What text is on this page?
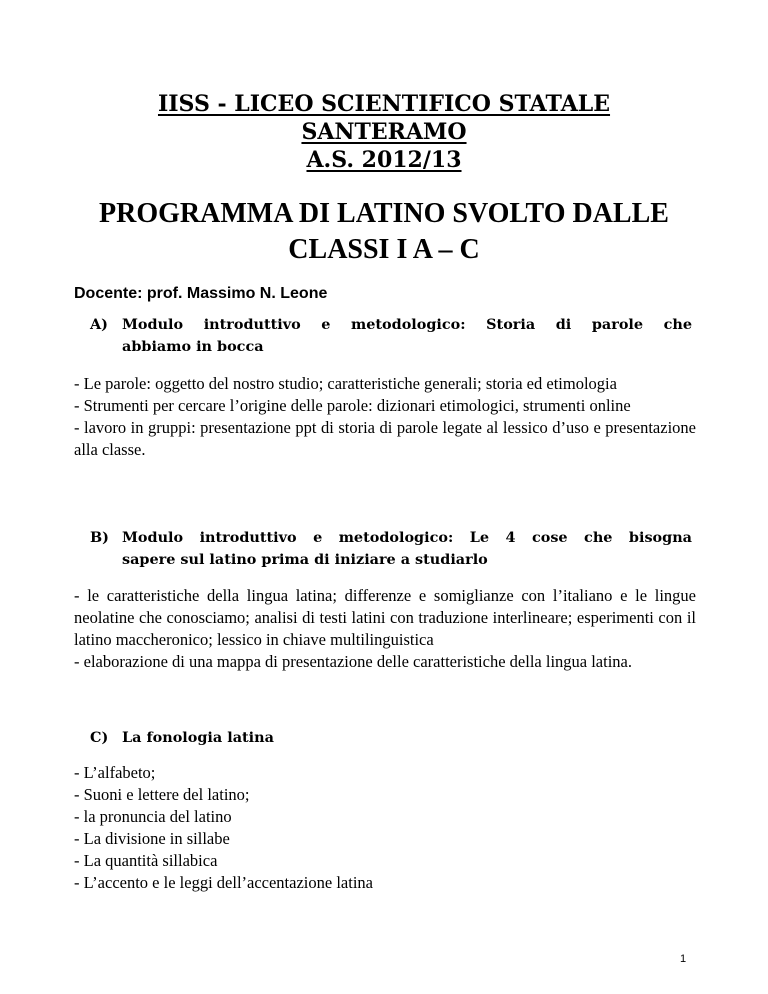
IISS - LICEO SCIENTIFICO STATALE
SANTERAMO
A.S. 2012/13
PROGRAMMA DI LATINO SVOLTO DALLE
CLASSI I A – C
Docente: prof. Massimo N. Leone
A) Modulo introduttivo e metodologico: Storia di parole che
abbiamo in bocca

- Le parole: oggetto del nostro studio; caratteristiche generali; storia ed etimologia

- Strumenti per cercare l’origine delle parole: dizionari etimologici, strumenti online

- lavoro in gruppi: presentazione ppt di storia di parole legate al lessico d’uso e presentazione alla classe.

B) Modulo introduttivo e metodologico: Le 4 cose che bisogna
sapere sul latino prima di iniziare a studiarlo

- le caratteristiche della lingua latina; differenze e somiglianze con l’italiano e le lingue neolatine che conosciamo; analisi di testi latini con traduzione interlineare; esperimenti con il latino maccheronico; lessico in chiave multilinguistica

- elaborazione di una mappa di presentazione delle caratteristiche della lingua latina.

C) La fonologia latina

- L’alfabeto;

- Suoni e lettere del latino;

- la pronuncia del latino

- La divisione in sillabe

- La quantità sillabica

- L’accento e le leggi dell’accentazione latina

1
